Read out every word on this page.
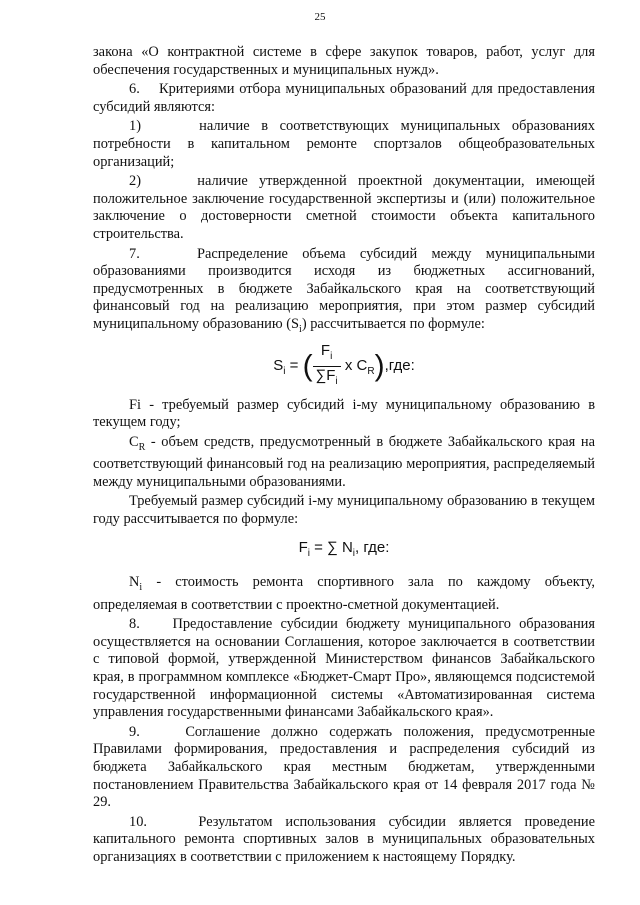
25

закона «О контрактной системе в сфере закупок товаров, работ, услуг для обеспечения государственных и муниципальных нужд».

6.    Критериями отбора муниципальных образований для предоставления субсидий являются:

1)     наличие в соответствующих муниципальных образованиях потребности в капитальном ремонте спортзалов общеобразовательных организаций;

2)     наличие утвержденной проектной документации, имеющей положительное заключение государственной экспертизы и (или) положительное заключение о достоверности сметной стоимости объекта капитального строительства.

7.    Распределение объема субсидий между муниципальными образованиями производится исходя из бюджетных ассигнований, предусмотренных в бюджете Забайкальского края на соответствующий финансовый год на реализацию мероприятия, при этом размер субсидий муниципальному образованию $(S_i)$ рассчитывается по формуле:

$S_i$ = ( $\frac{F_i}{\sum F_i}$ x $C_R),где$:

Fi - требуемый размер субсидий i-му муниципальному образованию в текущем году;

$C_R$ - объем средств, предусмотренный в бюджете Забайкальского края на соответствующий финансовый год на реализацию мероприятия, распределяемый между муниципальными образованиями.

Требуемый размер субсидий i-му муниципальному образованию в текущем году рассчитывается по формуле:

$F_i$ = ∑ $N_i$, где:

$N_i$ - стоимость ремонта спортивного зала по каждому объекту, определяемая в соответствии с проектно-сметной документацией.

8.    Предоставление субсидии бюджету муниципального образования осуществляется на основании Соглашения, которое заключается в соответствии с типовой формой, утвержденной Министерством финансов Забайкальского края, в программном комплексе «Бюджет-Смарт Про», являющемся подсистемой государственной информационной системы «Автоматизированная система управления государственными финансами Забайкальского края».

9.    Соглашение должно содержать положения, предусмотренные Правилами формирования, предоставления и распределения субсидий из бюджета Забайкальского края местным бюджетам, утвержденными постановлением Правительства Забайкальского края от 14 февраля 2017 года № 29.

10.    Результатом использования субсидии является проведение капитального ремонта спортивных залов в муниципальных образовательных организациях в соответствии с приложением к настоящему Порядку.
